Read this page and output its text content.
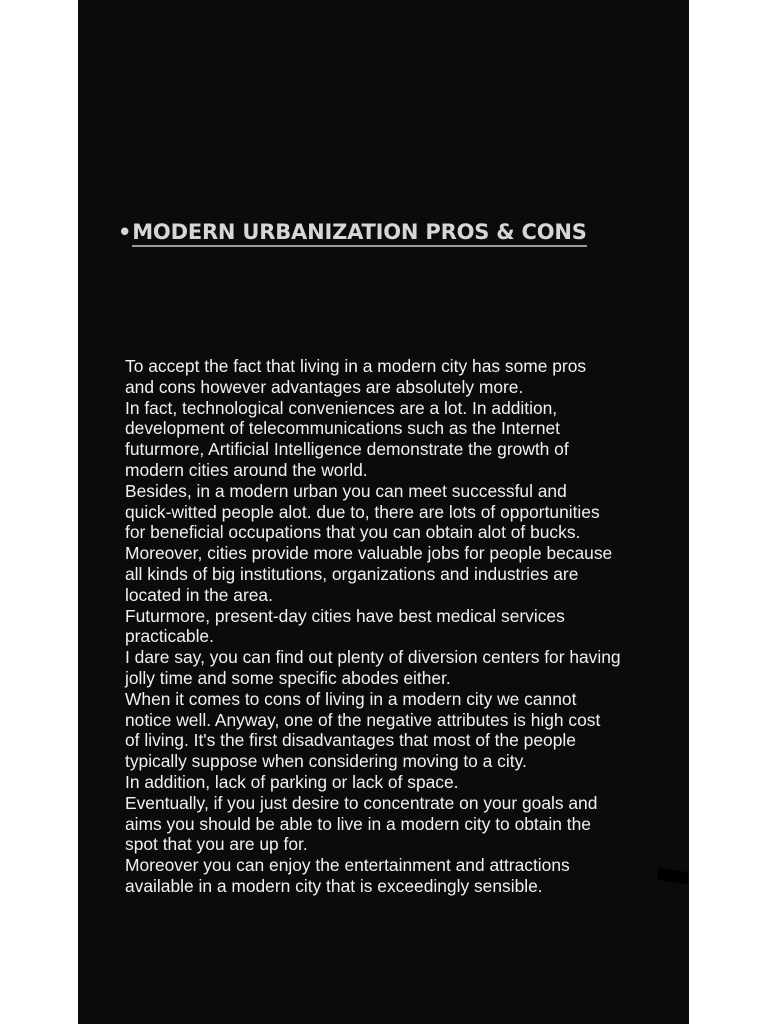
•MODERN URBANIZATION PROS & CONS
To accept the fact that living in a modern city has some pros
and cons however advantages are absolutely more.
In fact, technological conveniences are a lot. In addition,
development of telecommunications such as the Internet
futurmore, Artificial Intelligence demonstrate the growth of
modern cities around the world.
Besides, in a modern urban you can meet successful and
quick-witted people alot. due to, there are lots of opportunities
for beneficial occupations that you can obtain alot of bucks.
Moreover, cities provide more valuable jobs for people because
all kinds of big institutions, organizations and industries are
located in the area.
Futurmore, present-day cities have best medical services
practicable.
I dare say, you can find out plenty of diversion centers for having
jolly time and some specific abodes either.
When it comes to cons of living in a modern city we cannot
notice well. Anyway, one of the negative attributes is high cost
of living. It's the first disadvantages that most of the people
typically suppose when considering moving to a city.
In addition, lack of parking or lack of space.
Eventually, if you just desire to concentrate on your goals and
aims you should be able to live in a modern city to obtain the
spot that you are up for.
Moreover you can enjoy the entertainment and attractions
available in a modern city that is exceedingly sensible.
